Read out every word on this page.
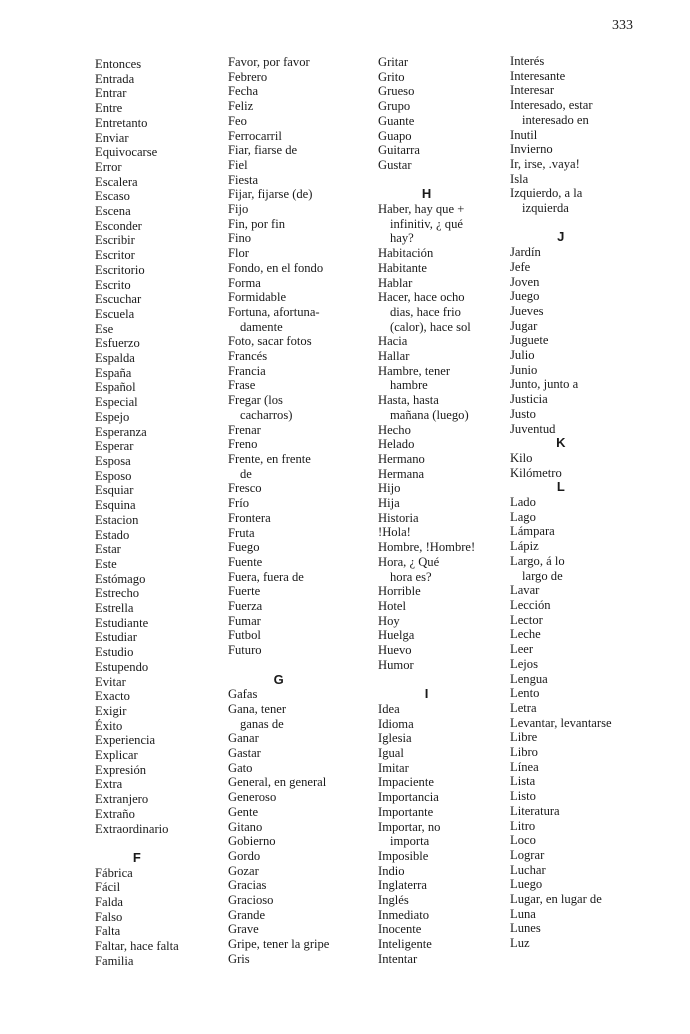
333
Entonces
Entrada
Entrar
Entre
Entretanto
Enviar
Equivocarse
Error
Escalera
Escaso
Escena
Esconder
Escribir
Escritor
Escritorio
Escrito
Escuchar
Escuela
Ese
Esfuerzo
Espalda
España
Español
Especial
Espejo
Esperanza
Esperar
Esposa
Esposo
Esquiar
Esquina
Estacion
Estado
Estar
Este
Estómago
Estrecho
Estrella
Estudiante
Estudiar
Estudio
Estupendo
Evitar
Exacto
Exigir
Éxito
Experiencia
Explicar
Expresión
Extra
Extranjero
Extraño
Extraordinario
F
Fábrica
Fácil
Falda
Falso
Falta
Faltar, hace falta
Familia
Favor, por favor
Febrero
Fecha
Feliz
Feo
Ferrocarril
Fiar, fiarse de
Fiel
Fiesta
Fijar, fijarse (de)
Fijo
Fin, por fin
Fino
Flor
Fondo, en el fondo
Forma
Formidable
Fortuna, afortuna-
damente
Foto, sacar fotos
Francés
Francia
Frase
Fregar (los
cacharros)
Frenar
Freno
Frente, en frente
de
Fresco
Frío
Frontera
Fruta
Fuego
Fuente
Fuera, fuera de
Fuerte
Fuerza
Fumar
Futbol
Futuro
G
Gafas
Gana, tener
ganas de
Ganar
Gastar
Gato
General, en general
Generoso
Gente
Gitano
Gobierno
Gordo
Gozar
Gracias
Gracioso
Grande
Grave
Gripe, tener la gripe
Gris
Gritar
Grito
Grueso
Grupo
Guante
Guapo
Guitarra
Gustar
H
Haber, hay que +
infinitiv, ¿ qué
hay?
Habitación
Habitante
Hablar
Hacer, hace ocho
dias, hace frio
(calor), hace sol
Hacia
Hallar
Hambre, tener
hambre
Hasta, hasta
mañana (luego)
Hecho
Helado
Hermano
Hermana
Hijo
Hija
Historia
!Hola!
Hombre, !Hombre!
Hora, ¿ Qué
hora es?
Horrible
Hotel
Hoy
Huelga
Huevo
Humor
I
Idea
Idioma
Iglesia
Igual
Imitar
Impaciente
Importancia
Importante
Importar, no
importa
Imposible
Indio
Inglaterra
Inglés
Inmediato
Inocente
Inteligente
Intentar
Interés
Interesante
Interesar
Interesado, estar
interesado en
Inutil
Invierno
Ir, irse, .vaya!
Isla
Izquierdo, a la
izquierda
J
Jardín
Jefe
Joven
Juego
Jueves
Jugar
Juguete
Julio
Junio
Junto, junto a
Justicia
Justo
Juventud
K
Kilo
Kilómetro
L
Lado
Lago
Lámpara
Lápiz
Largo, á lo
largo de
Lavar
Lección
Lector
Leche
Leer
Lejos
Lengua
Lento
Letra
Levantar, levantarse
Libre
Libro
Línea
Lista
Listo
Literatura
Litro
Loco
Lograr
Luchar
Luego
Lugar, en lugar de
Luna
Lunes
Luz
